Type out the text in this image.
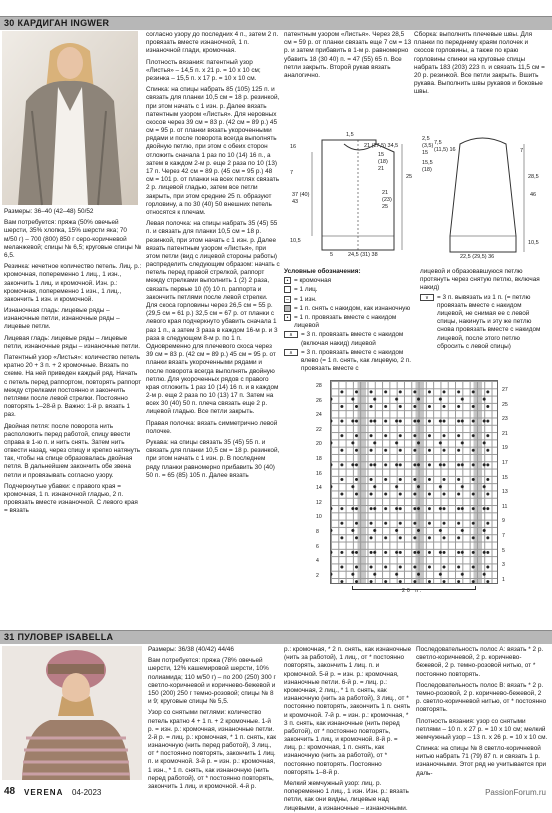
30 КАРДИГАН INGWER

Размеры: 36–40 (42–48) 50/52

Вам потребуется: пряжа (50% овечьей шерсти, 35% хлопка, 15% шерсти яка; 70 м/50 г) – 700 (800) 850 г серо-коричневой меланжевой; спицы № 6,5; круговые спицы № 6,5.

Резинка: нечетное количество петель. Лиц. р.: кромочная, попеременно 1 лиц., 1 изн., закончить 1 лиц. и кромочной. Изн. р.: кромочная, попеременно 1 изн., 1 лиц., закончить 1 изн. и кромочной.

Изнаночная гладь: лицевые ряды – изнаночные петли, изнаночные ряды – лицевые петли.

Лицевая гладь: лицевые ряды – лицевые петли, изнаночные ряды – изнаночные петли.

Патентный узор «Листья»: количество петель кратно 20 + 3 п. + 2 кромочные. Вязать по схеме. На ней приведен каждый ряд. Начать с петель перед раппортом, повторять раппорт между стрелками постоянно и закончить петлями после левой стрелки. Постоянно повторять 1–28-й р. Важно: 1-й р. вязать 1 раз.

Двойная петля: после поворота нить расположить перед работой, спицу ввести справа в 1-ю п. и нить снять. Затем нить отвести назад, через спицу и крепко натянуть так, чтобы на спице образовалась двойная петля. В дальнейшем закончить обе звена петли и провязывать согласно узору.

Подчеркнутые убавки: с правого края = кромочная, 1 п. изнаночной гладью, 2 п. провязать вместе изнаночной. С левого края = вязать

согласно узору до последних 4 п., затем 2 п. провязать вместе изнаночной, 1 п. изнаночной глади, кромочная.

Плотность вязания: патентный узор «Листья» – 14,5 п. x 21 р. = 10 x 10 см; резинка – 15,5 п. x 17 р. = 10 x 10 см.

Спинка: на спицы набрать 85 (105) 125 п. и связать для планки 10,5 см = 18 р. резинкой, при этом начать с 1 изн. р. Далее вязать патентным узором «Листья». Для неровных скосов через 39 см = 83 р. (42 см = 89 р.) 45 см = 95 р. от планки вязать укороченными рядами и после поворота всегда выполнять двойную петлю, при этом с обеих сторон отложить сначала 1 раз по 10 (14) 16 п., а затем в каждом 2-м р. еще 2 раза по 10 (13) 17 п. Через 42 см = 89 р. (45 см = 95 р.) 48 см = 101 р. от планки на всех петлях связать 2 р. лицевой гладью, затем все петли закрыть, при этом средние 25 п. образуют горловину, а по 30 (40) 50 внешних петель относятся к плечам.

Левая полочка: на спицы набрать 35 (45) 55 п. и связать для планки 10,5 см = 18 р. резинкой, при этом начать с 1 изн. р. Далее вязать патентным узором «Листья», при этом петли (вид с лицевой стороны работы) распределить следующим образом: начать с петель перед правой стрелкой, раппорт между стрелками выполнить 1 (2) 2 раза, связать первые 10 (0) 10 п. раппорта и закончить петлями после левой стрелки. Для скоса горловины через 26,5 см = 55 р. (29,5 см = 61 р.) 32,5 см = 67 р. от планки с левого края подчеркнуто убавить сначала 1 раз 1 п., а затем 3 раза в каждом 16-м р. и 3 раза в следующем 8-м р. по 1 п. Одновременно для плечевого скоса через 39 см = 83 р. (42 см = 89 р.) 45 см = 95 р. от планки вязать укороченными рядами и после поворота всегда выполнять двойную петлю. Для укороченных рядов с правого края отложить 1 раз 10 (14) 16 п. и в каждом 2-м р. еще 2 раза по 10 (13) 17 п. Затем на всех 30 (40) 50 п. плеча связать еще 2 р. лицевой гладью. Все петли закрыть.

Правая полочка: вязать симметрично левой полочке.

Рукава: на спицы связать 35 (45) 55 п. и связать для планки 10,5 см = 18 р. резинкой, при этом начать с 1 изн. р. В последнем ряду планки равномерно прибавить 30 (40) 50 п. = 65 (85) 105 п. Далее вязать

патентным узором «Листья». Через 28,5 см = 59 р. от планки связать еще 7 см = 13 р. и затем прибавить в 1-м р. равномерно убавить 18 (30 40) п. = 47 (55) 65 п. Все петли закрыть. Второй рукав вязать аналогично.

Сборка: выполнить плечевые швы. Для планки по переднему краям полочек и скосов горловины, а также по краю горловины спинки на круговые спицы набрать 183 (203) 223 п. и связать 11,5 см = 20 р. резинкой. Все петли закрыть. Вшить рукава. Выполнить швы рукавов и боковые швы.

1,5
21 (27,5) 34,5
16
7
10,5
37 (40) 43
25
21 (23) 25
5	24,5 (31) 38
15 (18) 21
7,5 (11,5) 16
2,5 (3,5) 15
15,5 (18)
46
7
28,5
10,5
22,5 (29,5) 36
Условные обозначения:
• = кромочная
= 1 лиц.
– = 1 изн.
= 1 п. снять с накидом, как изнаночную
• = 1 п. провязать вместе с накидом лицевой
∧	= 3 п. провязать вместе с накидом (включая накид) лицевой
∧	= 3 п. провязать вместе с накидом влево (= 1 п. снять, как лицевую, 2 п. провязать вместе с
лицевой и образовавшуюся петлю протянуть через снятую петлю, включая накид)
∨	= 3 п. вывязать из 1 п. (= петлю провязать вместе с накидом лицевой, не снимая ее с левой спицы, накинуть и эту же петлю снова провязать вместе с накидом лицевой, после этого петлю сбросить с левой спицы)
28
26
24
22
20
18
16
14
12
10
8
6
4
2
27
25
23
21
19
17
15
13
11
9
7
5
3
1
20 п.
31 ПУЛОВЕР ISABELLA

Размеры: 36/38 (40/42) 44/46

Вам потребуется: пряжа (78% овечьей шерсти, 12% кашемировой шерсти, 10% полиамида; 110 м/50 г) – по 200 (250) 300 г светло-коричневой и коричнево-бежевой и 150 (200) 250 г темно-розовой; спицы № 8 и 9; круговые спицы № 5,5.

Узор со снятыми петлями: количество петель кратно 4 + 1 п. + 2 кромочные. 1-й р. = изн. р.: кромочная, изнаночные петли. 2-й р. = лиц. р.: кромочная, * 1 п. снять, как изнаночную (нить перед работой), 3 лиц., от * постоянно повторять, закончить 1 лиц. п. и кромочной. 3-й р. = изн. р.: кромочная, 1 изн., * 1 п. снять, как изнаночную (нить перед работой), от * постоянно повторять, закончить 1 лиц. и кромочной. 4-й р.

р.: кромочная, * 2 п. снять, как изнаночные (нить за работой), 1 лиц., от * постоянно повторять, закончить 1 лиц. п. и кромочной. 5-й р. = изн. р.: кромочная, изнаночные петли. 6-й р. = лиц. р.: кромочная, 2 лиц., * 1 п. снять, как изнаночную (нить за работой), 3 лиц., от * постоянно повторять, закончить 1 п. снять и кромочной. 7-й р. = изн. р.: кромочная, * 3 п. снять, как изнаночные (нить перед работой), от * постоянно повторять, закончить 1 лиц. и кромочной. 8-й р. = лиц. р.: кромочная, 1 п. снять, как изнаночную (нить за работой), от * постоянно повторять. Постоянно повторять 1–8-й р.

Мелкий жемчужный узор: лиц. р. попеременно 1 лиц., 1 изн. Изн. р.: вязать петли, как они видны, лицевые над лицевыми, а изнаночные – изнаночными.

Последовательность полос А: вязать * 2 р. светло-коричневой, 2 р. коричнево-бежевой, 2 р. темно-розовой нитью, от * постоянно повторять.

Последовательность полос В: вязать * 2 р. темно-розовой, 2 р. коричнево-бежевой, 2 р. светло-коричневой нитью, от * постоянно повторять.

Плотность вязания: узор со снятыми петлями – 10 п. x 27 р. = 10 x 10 см; мелкий жемчужный узор – 13 п. x 26 р. = 10 x 10 см.

Спинка: на спицы № 8 светло-коричневой нитью набрать 71 (79) 87 п. и связать 1 р. изнаночными. Этот ряд не учитывается при даль-

48 VERENA 04-2023	PassionForum.ru
